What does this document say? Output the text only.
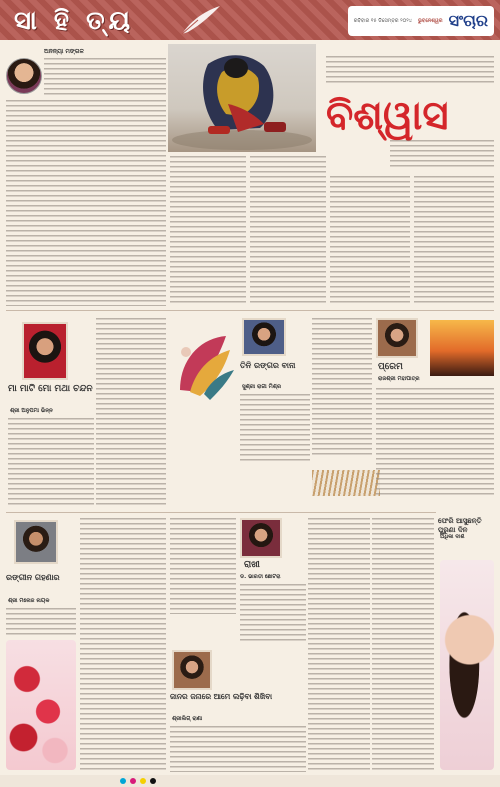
ସା ହି ତ୍ୟ	ରବିବାର ୧୫ ଡିସେମ୍ବର ୨୦୨୪ ଭୁବନେଶ୍ୱର ସଂଚାର
ଅନନ୍ୟା ମଙ୍ଗଳ
ବିଶ୍ୱାସ
ମା ମାଟି ମୋ ମଥା ଚନ୍ଦନ
ଶ୍ରୀ ଅନୁପମା ଭିନ୍ନ
ତିନି ରଙ୍ଗର ବାନା
ସୁଶ୍ରୀ ରାଗୀ ମିଶ୍ର
ପ୍ରେମ
ରାଜଶ୍ରୀ ମହାପାତ୍ର
ରଙ୍ଗୀନ ଗହଣାର
ଶ୍ରୀ ମନୋଜ ନାୟକ
ରାଖୀ
ଡ. ଭାରତୀ ଛୋଟରା
ଜାନର ଜନାରେ ଆମେ ଲଢ଼ିବା ଶିଖିବା
ଶ୍ରୀଲିଗ୍ ରାଣା
ଫେରି ଆସୁଛନ୍ତି ପୁରୁଣା ଦିନ
ଅଧିକା ଦାଶ
